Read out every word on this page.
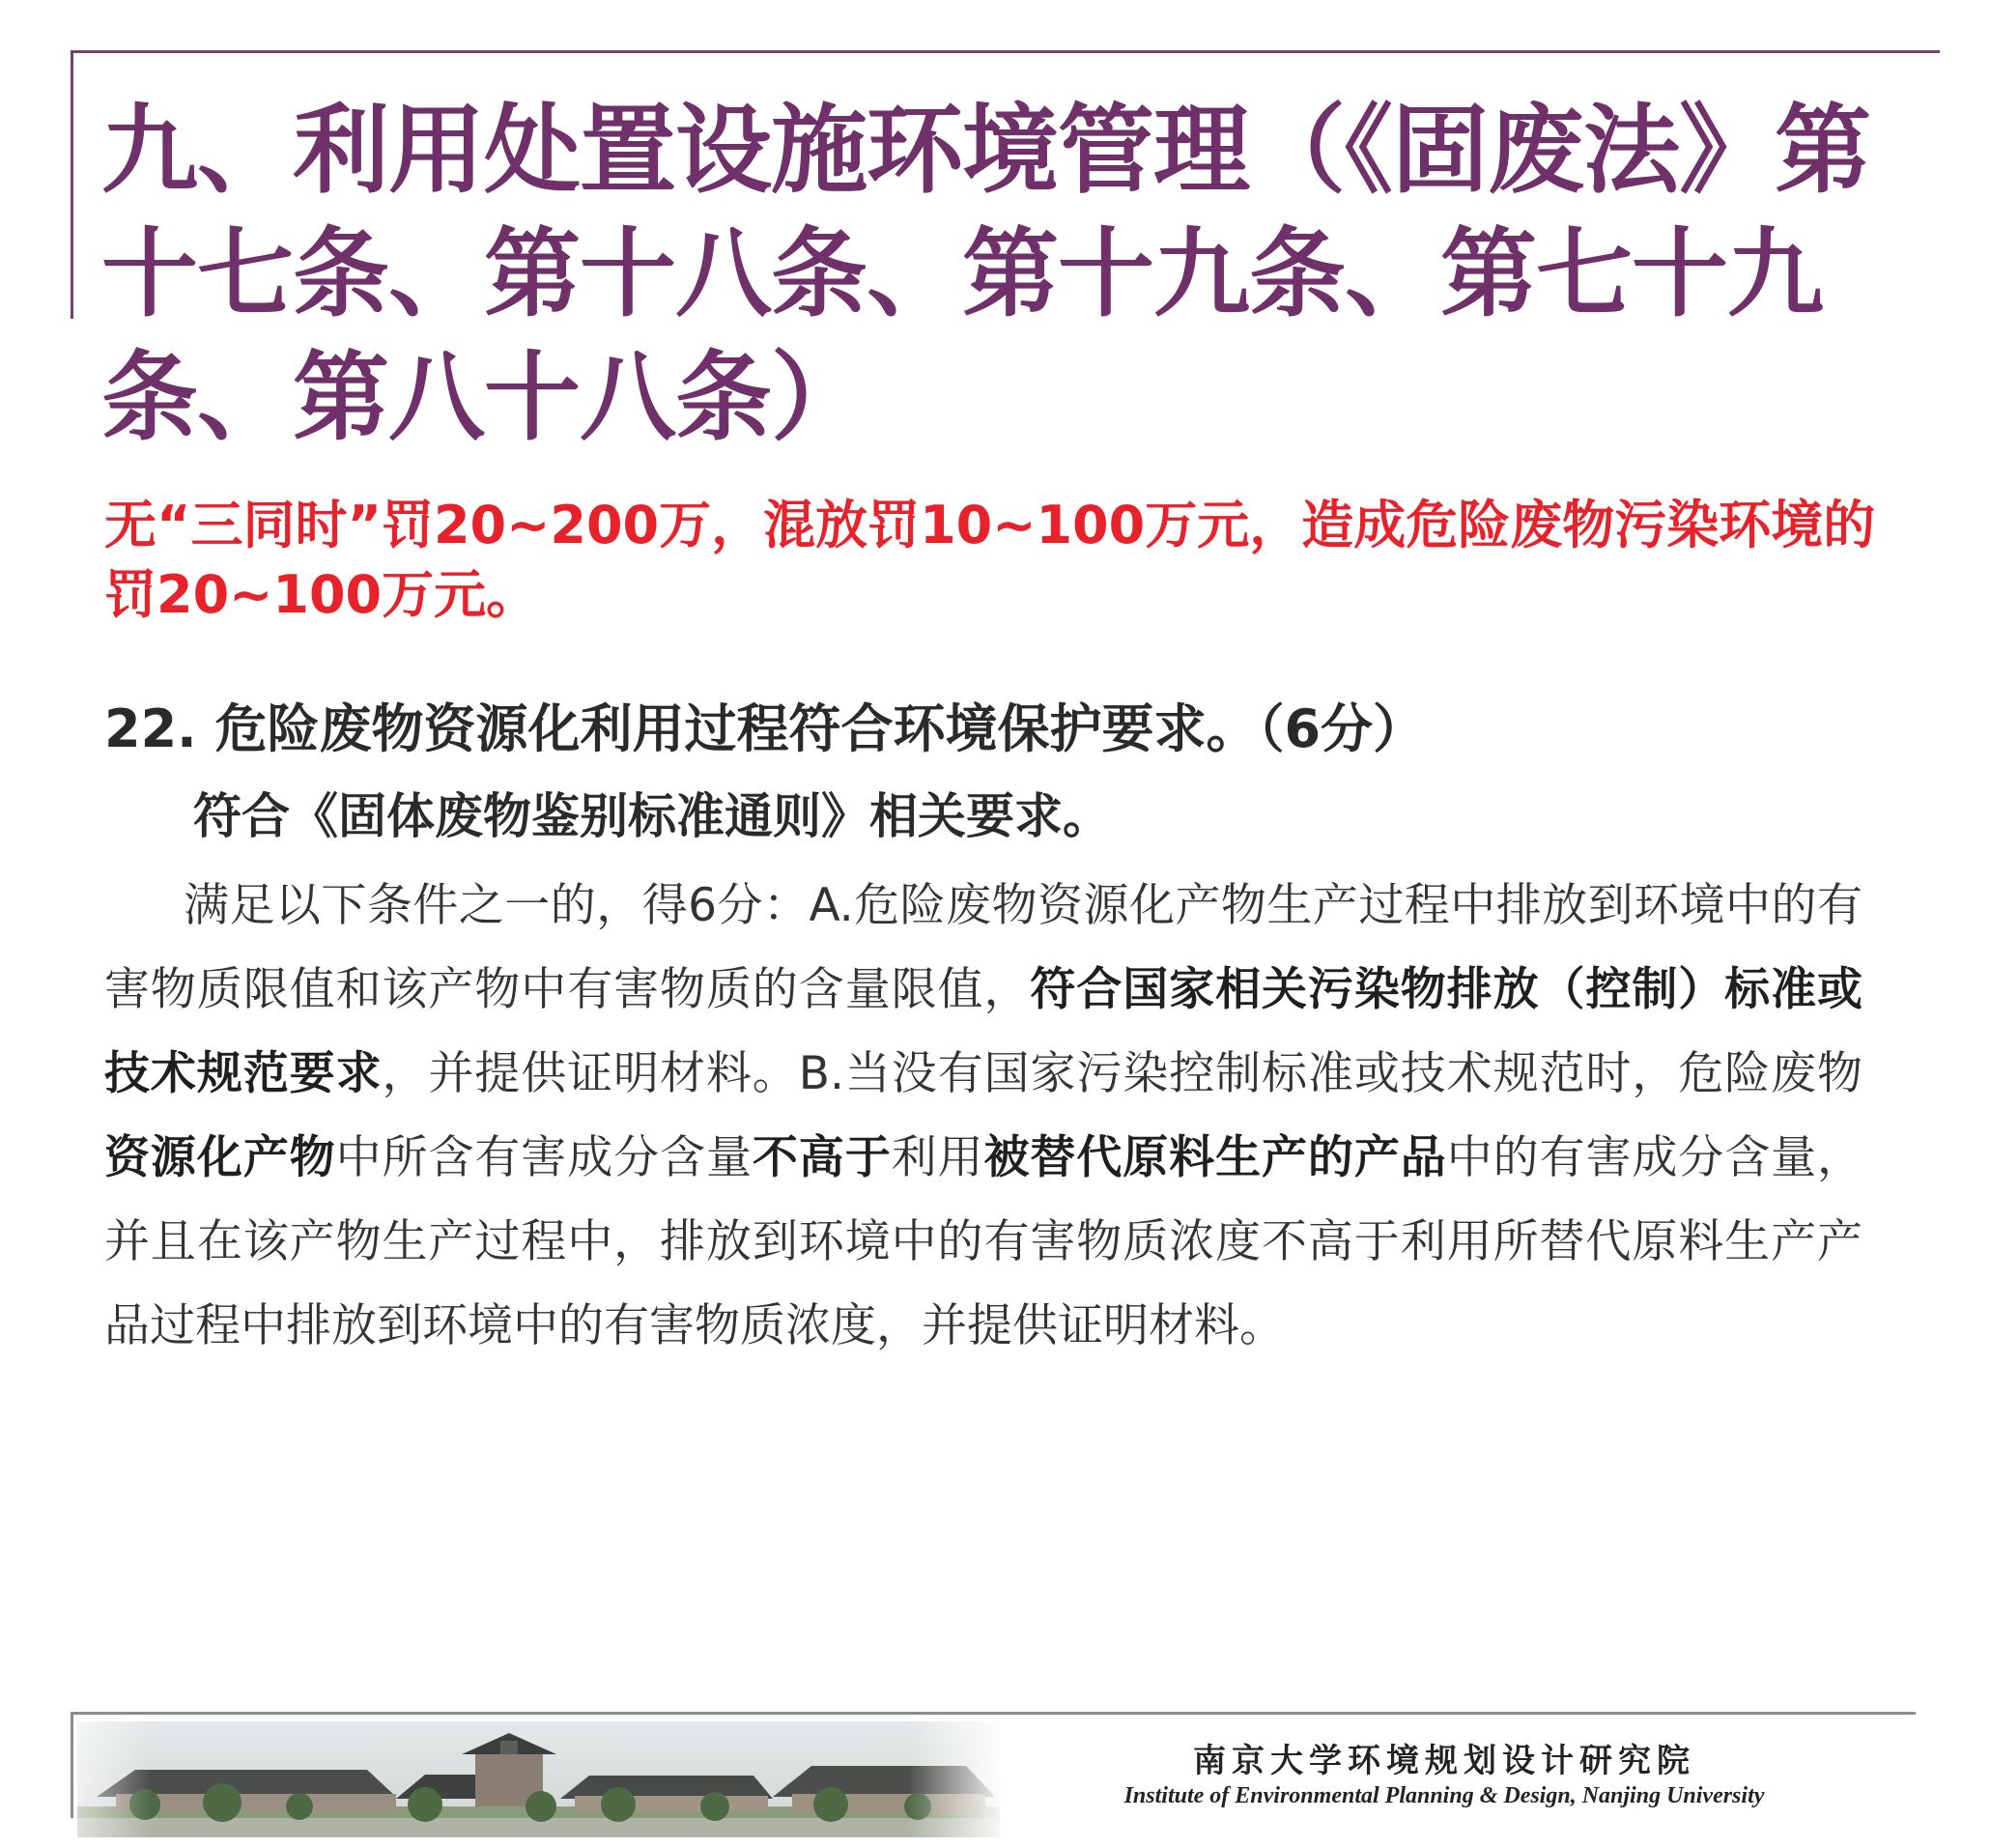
九、利用处置设施环境管理（《固废法》第十七条、第十八条、第十九条、第七十九条、第八十八条）

无“三同时”罚20~200万，混放罚10~100万元，造成危险废物污染环境的罚20~100万元。

22. 危险废物资源化利用过程符合环境保护要求。（6分）

符合《固体废物鉴别标准通则》相关要求。

满足以下条件之一的，得6分：A.危险废物资源化产物生产过程中排放到环境中的有害物质限值和该产物中有害物质的含量限值，符合国家相关污染物排放（控制）标准或技术规范要求，并提供证明材料。B.当没有国家污染控制标准或技术规范时，危险废物资源化产物中所含有害成分含量不高于利用被替代原料生产的产品中的有害成分含量，并且在该产物生产过程中，排放到环境中的有害物质浓度不高于利用所替代原料生产产品过程中排放到环境中的有害物质浓度，并提供证明材料。

南京大学环境规划设计研究院
Institute of Environmental Planning & Design, Nanjing University
